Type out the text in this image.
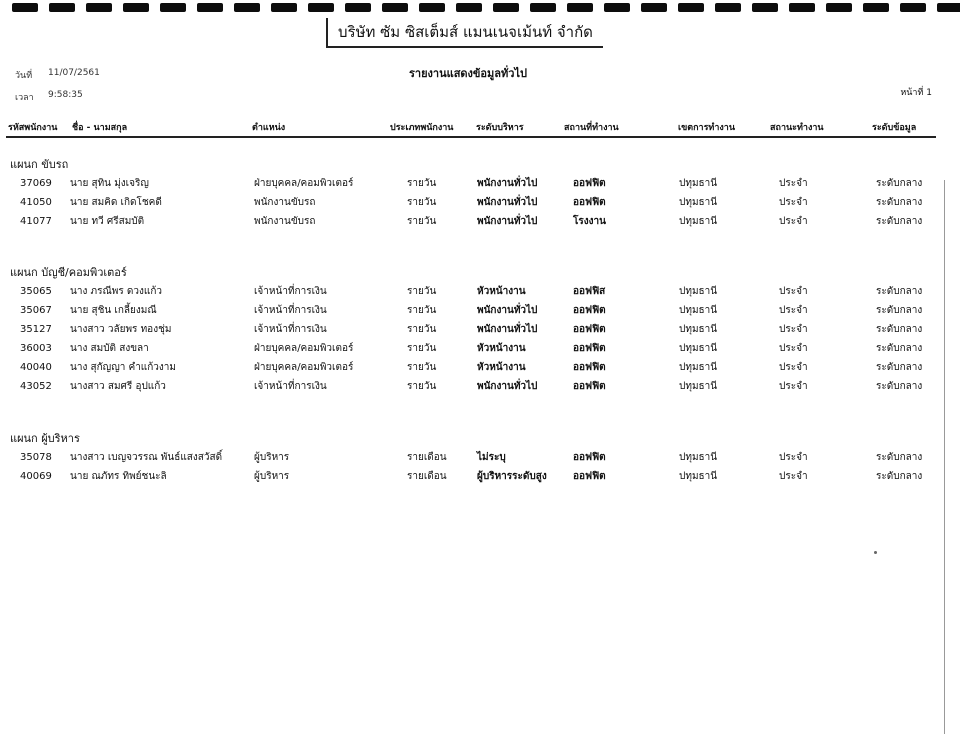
บริษัท ซัม ซิสเต็มส์ แมนเนจเม้นท์ จำกัด
วันที่ 11/07/2561
เวลา 9:58:35
รายงานแสดงข้อมูลทั่วไป
หน้าที่ 1
รหัสพนักงาน ชื่อ - นามสกุล	ตำแหน่ง	ประเภทพนักงาน	ระดับบริหาร	สถานที่ทำงาน	เขตการทำงาน	สถานะทำงาน	ระดับข้อมูล
แผนก ขับรถ
37069 นาย สุทิน มุ่งเจริญ	ฝ่ายบุคคล/คอมพิวเตอร์	รายวัน	พนักงานทั่วไป	ออฟฟิต	ปทุมธานี	ประจำ	ระดับกลาง
41050 นาย สมคิด เกิดโชคดี	พนักงานขับรถ	รายวัน	พนักงานทั่วไป	ออฟฟิต	ปทุมธานี	ประจำ	ระดับกลาง
41077 นาย ทวี ศรีสมบัติ	พนักงานขับรถ	รายวัน	พนักงานทั่วไป	โรงงาน	ปทุมธานี	ประจำ	ระดับกลาง
แผนก บัญชี/คอมพิวเตอร์
35065 นาง ภรณีพร ดวงแก้ว	เจ้าหน้าที่การเงิน	รายวัน	หัวหน้างาน	ออฟฟิส	ปทุมธานี	ประจำ	ระดับกลาง
35067 นาย สุชิน เกลี้ยงมณี	เจ้าหน้าที่การเงิน	รายวัน	พนักงานทั่วไป	ออฟฟิต	ปทุมธานี	ประจำ	ระดับกลาง
35127 นางสาว วลัยพร ทองชุ่ม	เจ้าหน้าที่การเงิน	รายวัน	พนักงานทั่วไป	ออฟฟิต	ปทุมธานี	ประจำ	ระดับกลาง
36003 นาง สมบัติ สงขลา	ฝ่ายบุคคล/คอมพิวเตอร์	รายวัน	หัวหน้างาน	ออฟฟิต	ปทุมธานี	ประจำ	ระดับกลาง
40040 นาง สุกัญญา คำแก้วงาม	ฝ่ายบุคคล/คอมพิวเตอร์	รายวัน	หัวหน้างาน	ออฟฟิต	ปทุมธานี	ประจำ	ระดับกลาง
43052 นางสาว สมศรี อุปแก้ว	เจ้าหน้าที่การเงิน	รายวัน	พนักงานทั่วไป	ออฟฟิต	ปทุมธานี	ประจำ	ระดับกลาง
แผนก ผู้บริหาร
35078 นางสาว เบญจวรรณ พันธ์แสงสวัสดิ์	ผู้บริหาร	รายเดือน	ไม่ระบุ	ออฟฟิต	ปทุมธานี	ประจำ	ระดับกลาง
40069 นาย ณภัทร ทิพย์ชนะลิ	ผู้บริหาร	รายเดือน	ผู้บริหารระดับสูง	ออฟฟิต	ปทุมธานี	ประจำ	ระดับกลาง
